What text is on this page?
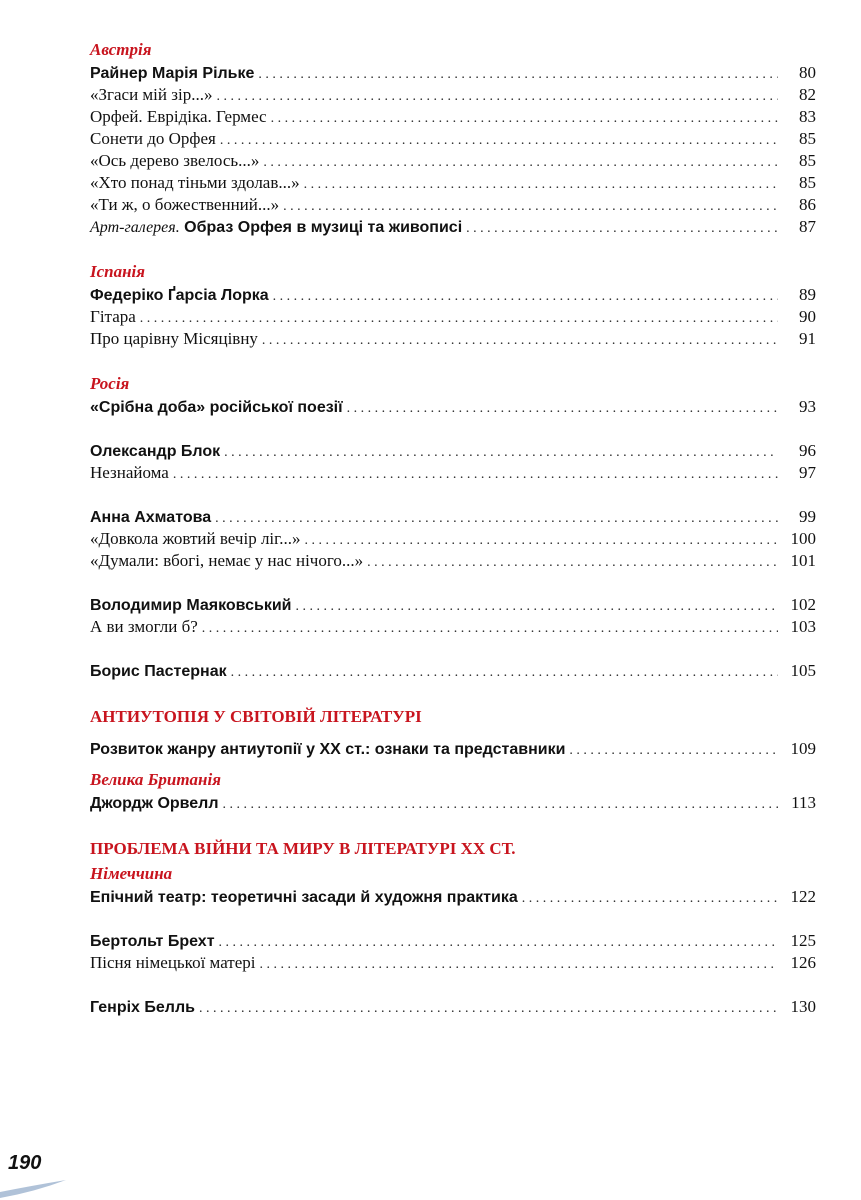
Австрія
Райнер Марія Рільке . . .	80
«Згаси мій зір...» . . .	82
Орфей. Еврідіка. Гермес . . .	83
Сонети до Орфея . . .	85
«Ось дерево звелось...» . . .	85
«Хто понад тіньми здолав...» . . .	85
«Ти ж, о божественний...» . . .	86
Арт-галерея. Образ Орфея в музиці та живописі . . .	87
Іспанія
Федеріко Ґарсіа Лорка . . .	89
Гітара . . .	90
Про царівну Місяцівну . . .	91
Росія
«Срібна доба» російської поезії . . .	93
Олександр Блок . . .	96
Незнайома . . .	97
Анна Ахматова . . .	99
«Довкола жовтий вечір ліг...» . . .	100
«Думали: вбогі, немає у нас нічого...» . . .	101
Володимир Маяковський . . .	102
А ви змогли б? . . .	103
Борис Пастернак . . .	105
АНТИУТОПІЯ У СВІТОВІЙ ЛІТЕРАТУРІ
Розвиток жанру антиутопії у ХХ ст.: ознаки та представники . . .	109
Велика Британія
Джордж Орвелл . . .	113
ПРОБЛЕМА ВІЙНИ ТА МИРУ В ЛІТЕРАТУРІ ХХ СТ.
Німеччина
Епічний театр: теоретичні засади й художня практика . . .	122
Бертольт Брехт . . .	125
Пісня німецької матері . . .	126
Генріх Белль . . .	130
190
